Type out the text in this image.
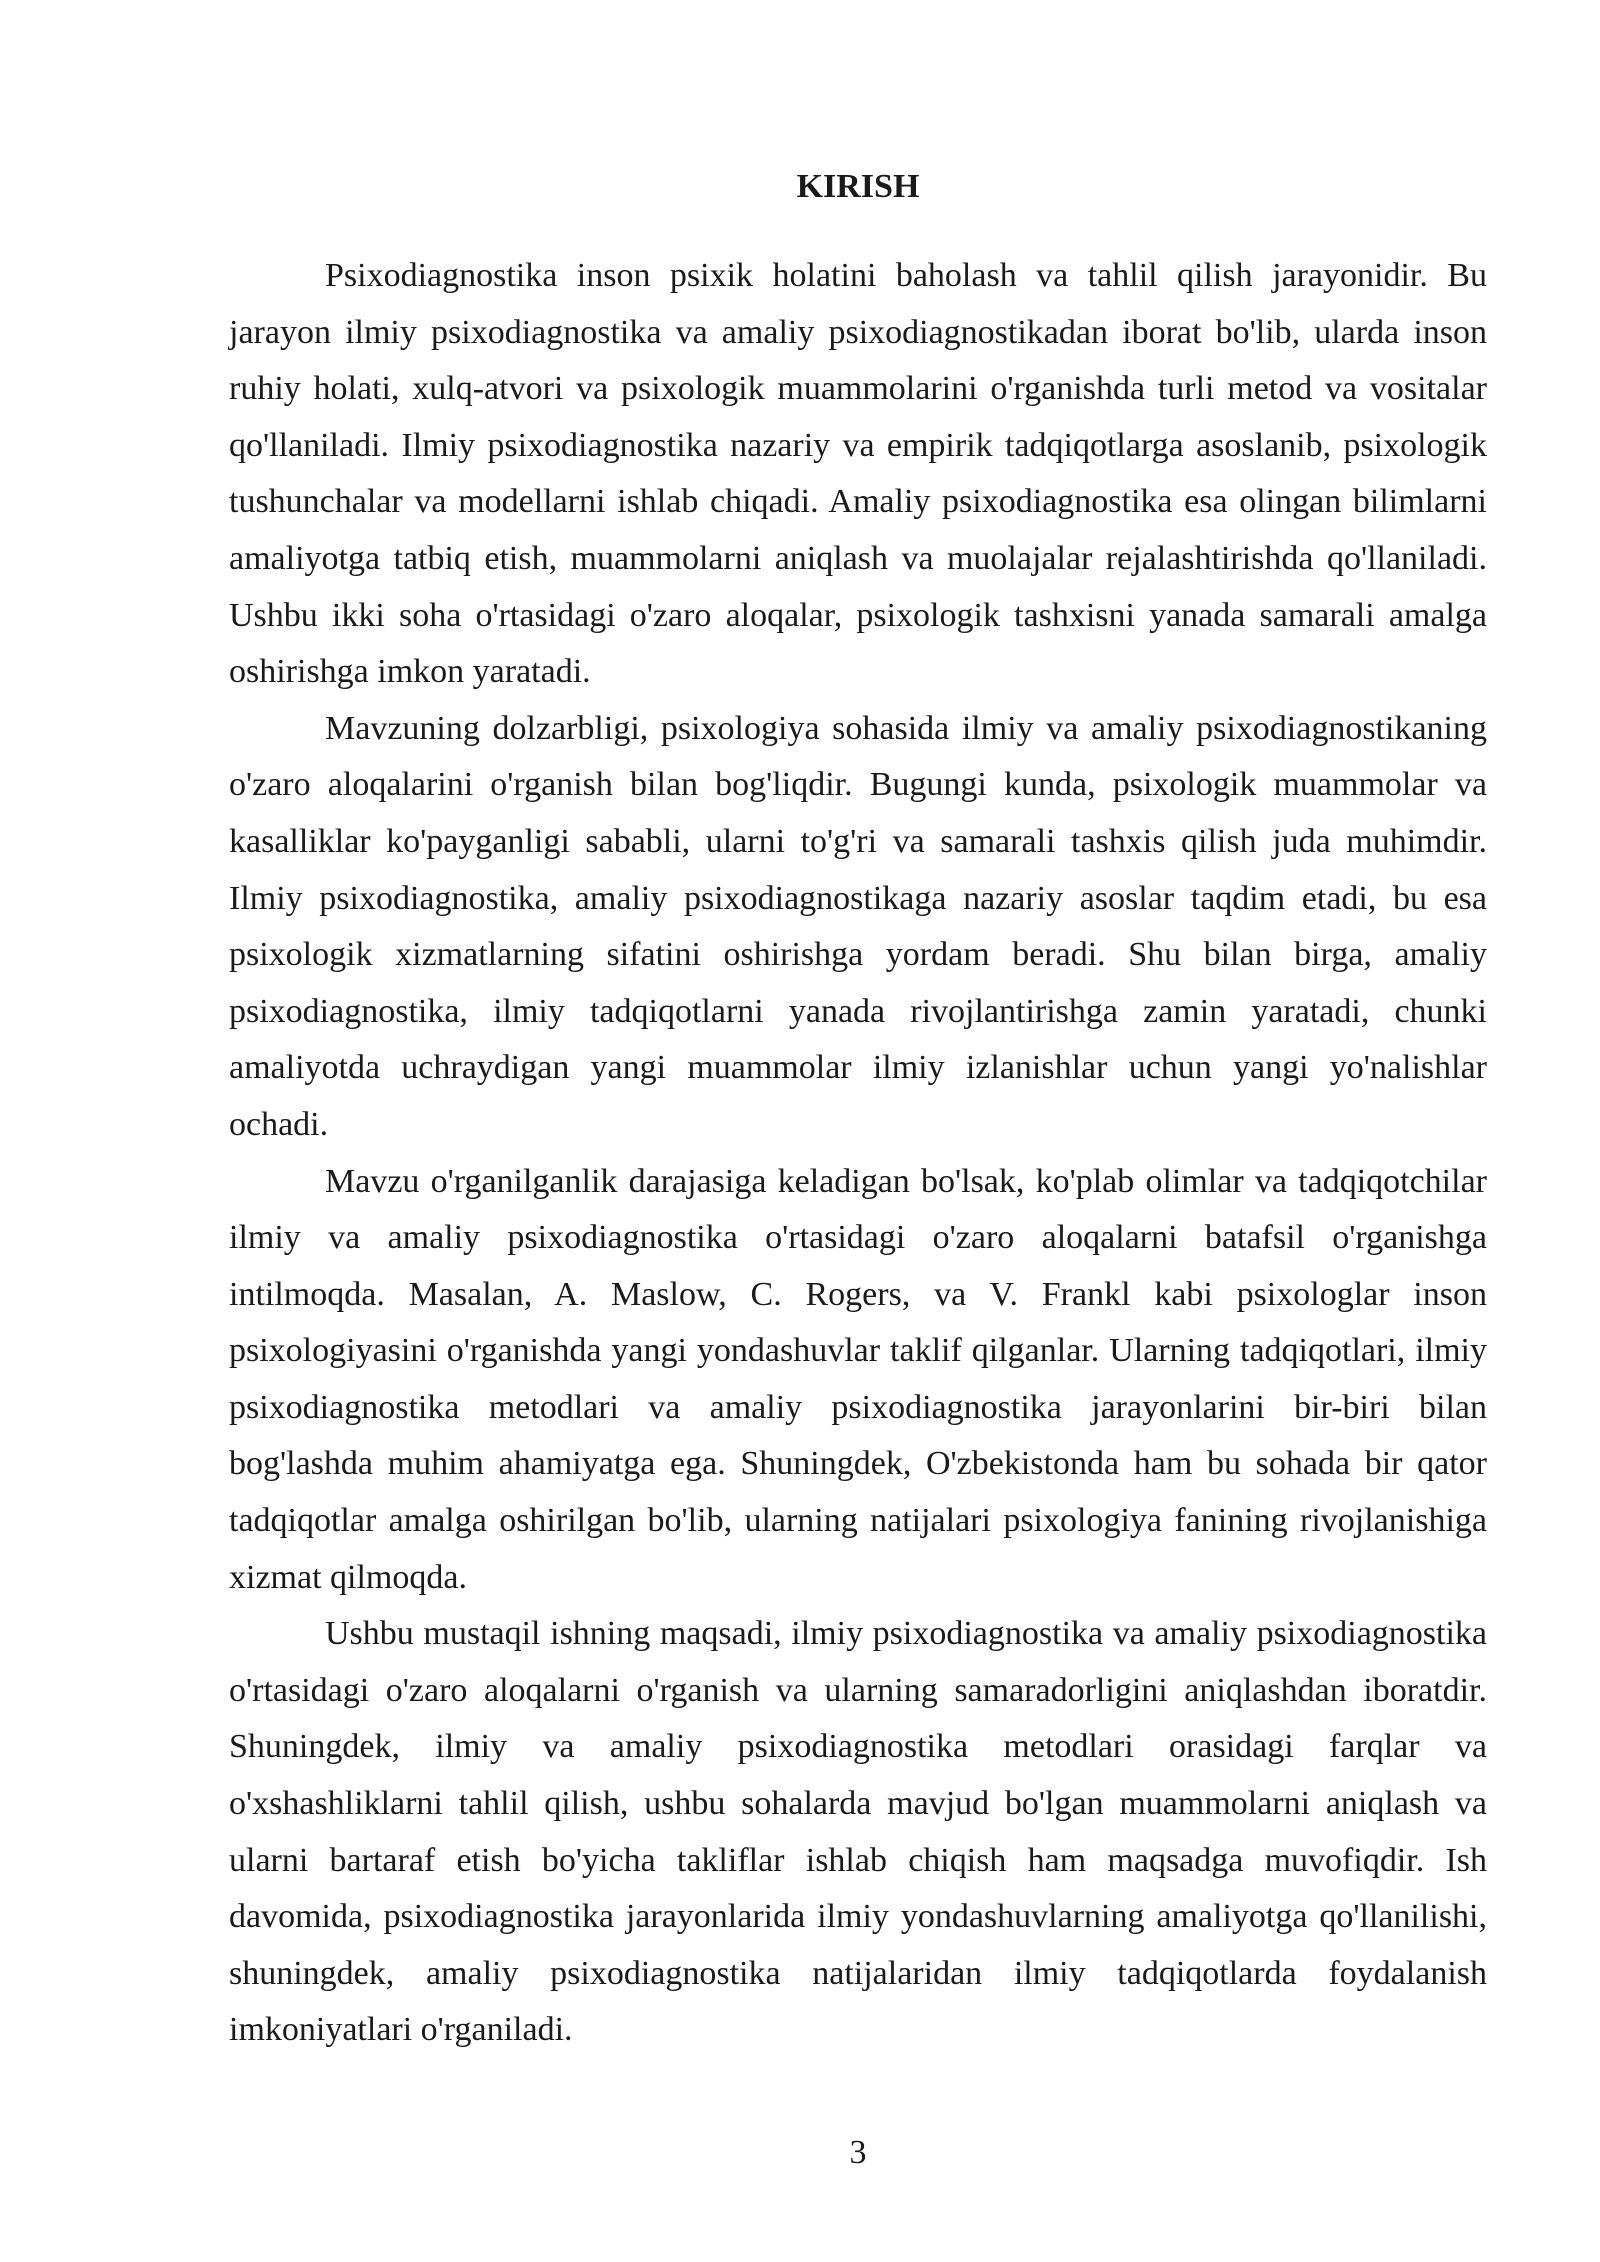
KIRISH

Psixodiagnostika inson psixik holatini baholash va tahlil qilish jarayonidir. Bu jarayon ilmiy psixodiagnostika va amaliy psixodiagnostikadan iborat bo'lib, ularda inson ruhiy holati, xulq-atvori va psixologik muammolarini o'rganishda turli metod va vositalar qo'llaniladi. Ilmiy psixodiagnostika nazariy va empirik tadqiqotlarga asoslanib, psixologik tushunchalar va modellarni ishlab chiqadi. Amaliy psixodiagnostika esa olingan bilimlarni amaliyotga tatbiq etish, muammolarni aniqlash va muolajalar rejalashtirishda qo'llaniladi. Ushbu ikki soha o'rtasidagi o'zaro aloqalar, psixologik tashxisni yanada samarali amalga oshirishga imkon yaratadi.

Mavzuning dolzarbligi, psixologiya sohasida ilmiy va amaliy psixodiagnostikaning o'zaro aloqalarini o'rganish bilan bog'liqdir. Bugungi kunda, psixologik muammolar va kasalliklar ko'payganligi sababli, ularni to'g'ri va samarali tashxis qilish juda muhimdir. Ilmiy psixodiagnostika, amaliy psixodiagnostikaga nazariy asoslar taqdim etadi, bu esa psixologik xizmatlarning sifatini oshirishga yordam beradi. Shu bilan birga, amaliy psixodiagnostika, ilmiy tadqiqotlarni yanada rivojlantirishga zamin yaratadi, chunki amaliyotda uchraydigan yangi muammolar ilmiy izlanishlar uchun yangi yo'nalishlar ochadi.

Mavzu o'rganilganlik darajasiga keladigan bo'lsak, ko'plab olimlar va tadqiqotchilar ilmiy va amaliy psixodiagnostika o'rtasidagi o'zaro aloqalarni batafsil o'rganishga intilmoqda. Masalan, A. Maslow, C. Rogers, va V. Frankl kabi psixologlar inson psixologiyasini o'rganishda yangi yondashuvlar taklif qilganlar. Ularning tadqiqotlari, ilmiy psixodiagnostika metodlari va amaliy psixodiagnostika jarayonlarini bir-biri bilan bog'lashda muhim ahamiyatga ega. Shuningdek, O'zbekistonda ham bu sohada bir qator tadqiqotlar amalga oshirilgan bo'lib, ularning natijalari psixologiya fanining rivojlanishiga xizmat qilmoqda.

Ushbu mustaqil ishning maqsadi, ilmiy psixodiagnostika va amaliy psixodiagnostika o'rtasidagi o'zaro aloqalarni o'rganish va ularning samaradorligini aniqlashdan iboratdir. Shuningdek, ilmiy va amaliy psixodiagnostika metodlari orasidagi farqlar va o'xshashliklarni tahlil qilish, ushbu sohalarda mavjud bo'lgan muammolarni aniqlash va ularni bartaraf etish bo'yicha takliflar ishlab chiqish ham maqsadga muvofiqdir. Ish davomida, psixodiagnostika jarayonlarida ilmiy yondashuvlarning amaliyotga qo'llanilishi, shuningdek, amaliy psixodiagnostika natijalaridan ilmiy tadqiqotlarda foydalanish imkoniyatlari o'rganiladi.

3
